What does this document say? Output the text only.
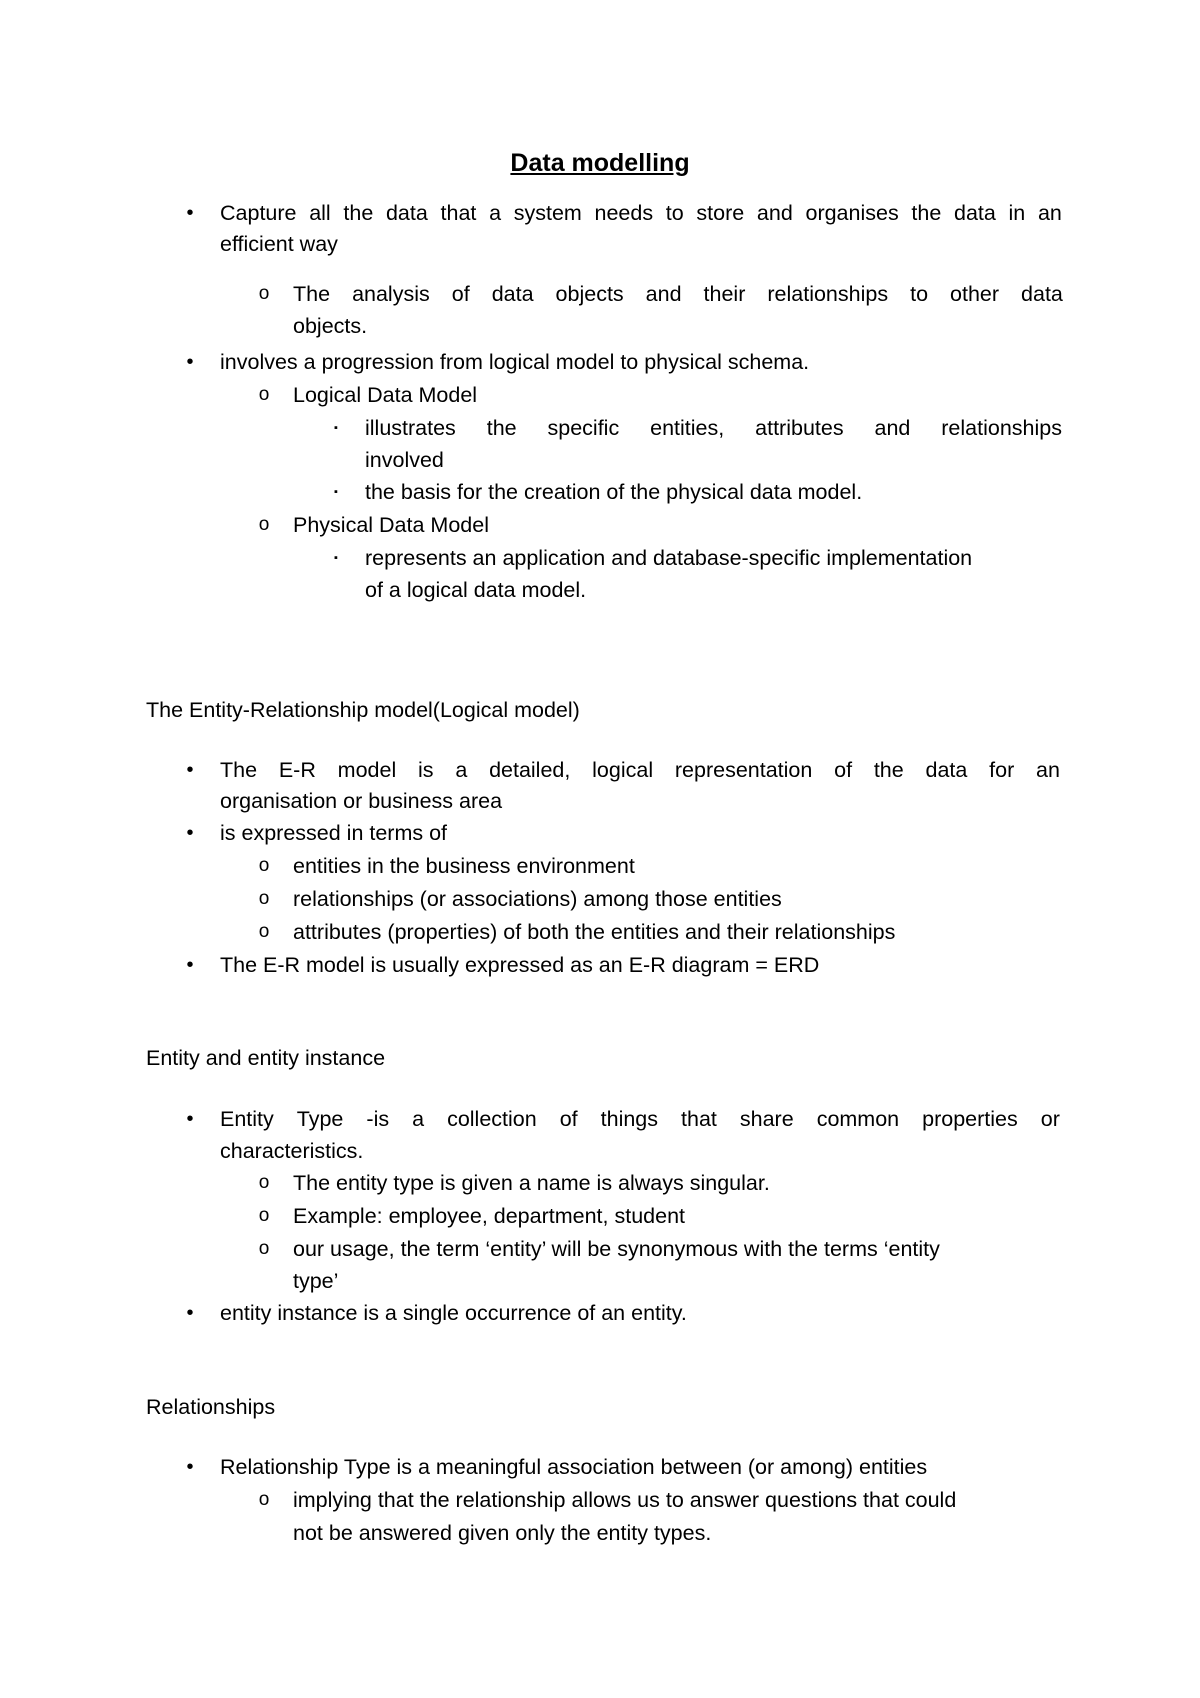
Data modelling
•	Capture all the data that a system needs to store and organises the data in an
efficient way
o The analysis of data objects and their relationships to other data
objects.
•	involves a progression from logical model to physical schema.
o Logical Data Model
▪	illustrates the specific entities, attributes and relationships
involved
▪	the basis for the creation of the physical data model.
o Physical Data Model
▪	represents an application and database-specific implementation
of a logical data model.
The Entity-Relationship model(Logical model)
•	The E-R model is a detailed, logical representation of the data for an
organisation or business area
•	is expressed in terms of
o entities in the business environment
o relationships (or associations) among those entities
o attributes (properties) of both the entities and their relationships
•	The E-R model is usually expressed as an E-R diagram = ERD
Entity and entity instance
•	Entity Type -is a collection of things that share common properties or
characteristics.
o The entity type is given a name is always singular.
o Example: employee, department, student
o our usage, the term ‘entity’ will be synonymous with the terms ‘entity
type’
•	entity instance is a single occurrence of an entity.
Relationships
•	Relationship Type is a meaningful association between (or among) entities
o implying that the relationship allows us to answer questions that could
not be answered given only the entity types.
